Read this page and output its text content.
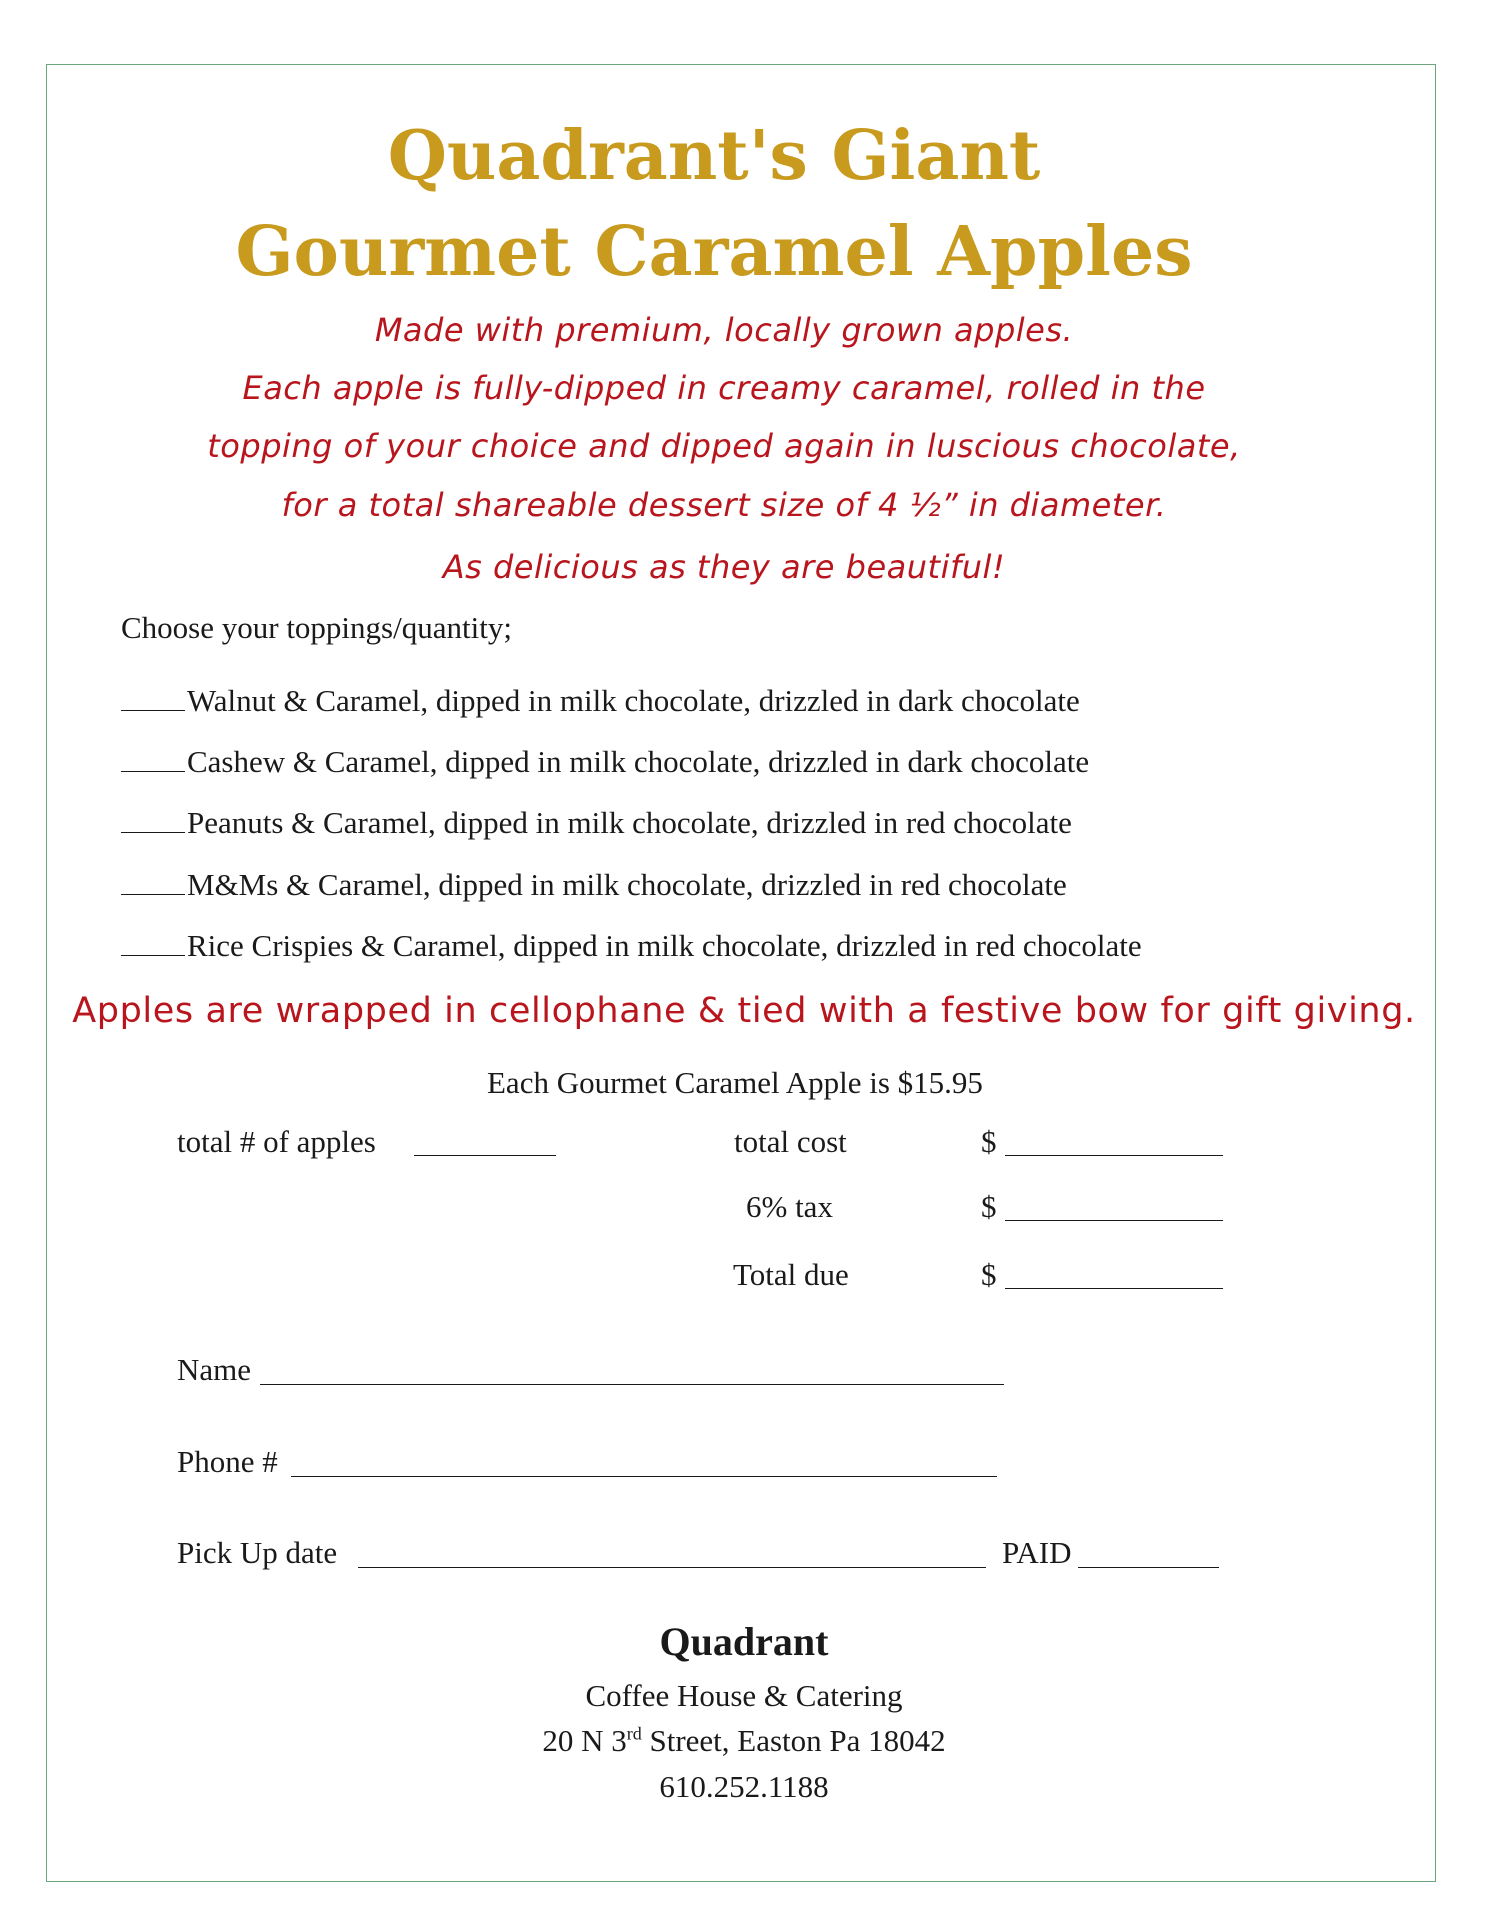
Quadrant's Giant
Gourmet Caramel Apples
Made with premium, locally grown apples.
Each apple is fully-dipped in creamy caramel, rolled in the
topping of your choice and dipped again in luscious chocolate,
for a total shareable dessert size of 4 ½” in diameter.
As delicious as they are beautiful!
Choose your toppings/quantity;
Walnut & Caramel, dipped in milk chocolate, drizzled in dark chocolate
Cashew & Caramel, dipped in milk chocolate, drizzled in dark chocolate
Peanuts & Caramel, dipped in milk chocolate, drizzled in red chocolate
M&Ms & Caramel, dipped in milk chocolate, drizzled in red chocolate
Rice Crispies & Caramel, dipped in milk chocolate, drizzled in red chocolate
Apples are wrapped in cellophane & tied with a festive bow for gift giving.
Each Gourmet Caramel Apple is $15.95
total # of apples	total cost	$
6% tax	$
Total due	$
Name
Phone #
Pick Up date	PAID
Quadrant
Coffee House & Catering
20 N 3rd Street, Easton Pa 18042
610.252.1188
